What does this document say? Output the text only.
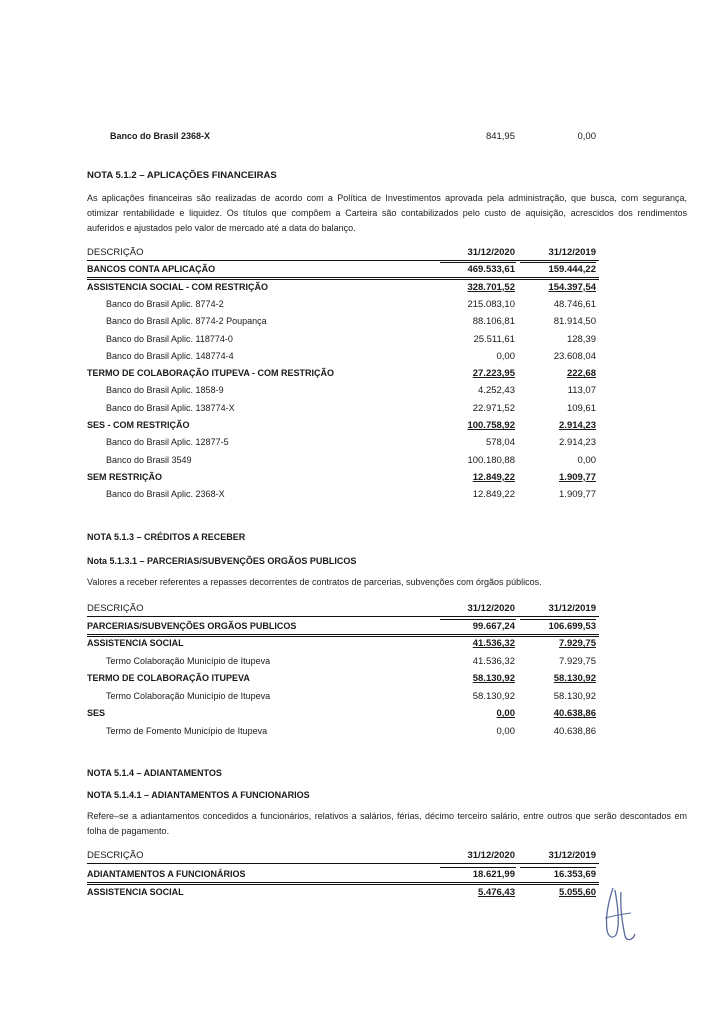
Banco do Brasil 2368-X	841,95	0,00
NOTA 5.1.2 – APLICAÇÕES FINANCEIRAS
As aplicações financeiras são realizadas de acordo com a Política de Investimentos aprovada pela administração, que busca, com segurança, otimizar rentabilidade e liquidez. Os títulos que compõem a Carteira são contabilizados pelo custo de aquisição, acrescidos dos rendimentos auferidos e ajustados pelo valor de mercado até a data do balanço.
DESCRIÇÃO	31/12/2020	31/12/2019
BANCOS CONTA APLICAÇÃO	469.533,61	159.444,22
ASSISTENCIA SOCIAL - COM RESTRIÇÃO	328.701,52	154.397,54
Banco do Brasil Aplic. 8774-2	215.083,10	48.746,61
Banco do Brasil Aplic. 8774-2 Poupança	88.106,81	81.914,50
Banco do Brasil Aplic. 118774-0	25.511,61	128,39
Banco do Brasil Aplic. 148774-4	0,00	23.608,04
TERMO DE COLABORAÇÃO ITUPEVA - COM RESTRIÇÃO	27.223,95	222,68
Banco do Brasil Aplic. 1858-9	4.252,43	113,07
Banco do Brasil Aplic. 138774-X	22.971,52	109,61
SES - COM RESTRIÇÃO	100.758,92	2.914,23
Banco do Brasil Aplic. 12877-5	578,04	2.914,23
Banco do Brasil 3549	100.180,88	0,00
SEM RESTRIÇÃO	12.849,22	1.909,77
Banco do Brasil Aplic. 2368-X	12.849,22	1.909,77
NOTA 5.1.3 – CRÉDITOS A RECEBER
Nota 5.1.3.1 – PARCERIAS/SUBVENÇÕES ORGÃOS PUBLICOS
Valores a receber referentes a repasses decorrentes de contratos de parcerias, subvenções com órgãos públicos.
DESCRIÇÃO	31/12/2020	31/12/2019
PARCERIAS/SUBVENÇÕES ORGÃOS PUBLICOS	99.667,24	106.699,53
ASSISTENCIA SOCIAL	41.536,32	7.929,75
Termo Colaboração Município de Itupeva	41.536,32	7.929,75
TERMO DE COLABORAÇÃO ITUPEVA	58.130,92	58.130,92
Termo Colaboração Município de Itupeva	58.130,92	58.130,92
SES	0,00	40.638,86
Termo de Fomento Município de Itupeva	0,00	40.638,86
NOTA 5.1.4 – ADIANTAMENTOS
NOTA 5.1.4.1 – ADIANTAMENTOS A FUNCIONARIOS
Refere–se a adiantamentos concedidos a funcionários, relativos a salários, férias, décimo terceiro salário, entre outros que serão descontados em folha de pagamento.
DESCRIÇÃO	31/12/2020	31/12/2019
ADIANTAMENTOS A FUNCIONÁRIOS	18.621,99	16.353,69
ASSISTENCIA SOCIAL	5.476,43	5.055,60
